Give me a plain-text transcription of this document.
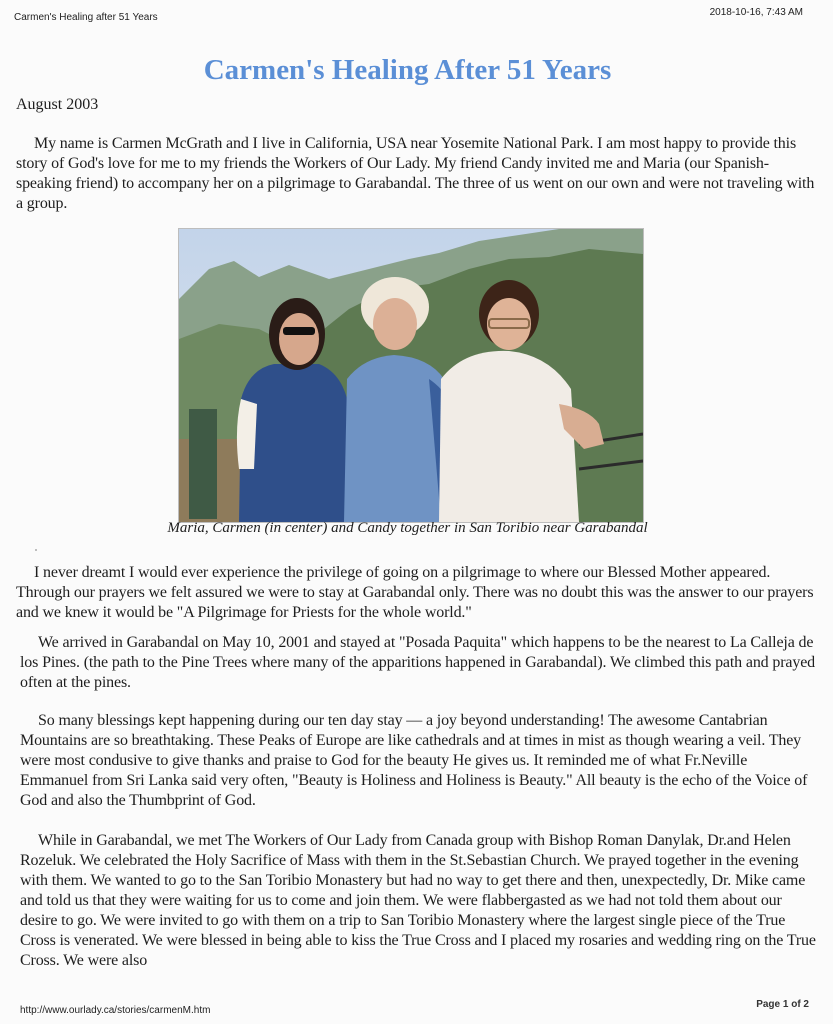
Carmen's Healing after 51 Years	2018-10-16, 7:43 AM
Carmen's Healing After 51 Years
August 2003

My name is Carmen McGrath and I live in California, USA near Yosemite National Park. I am most happy to provide this story of God's love for me to my friends the Workers of Our Lady. My friend Candy invited me and Maria (our Spanish-speaking friend) to accompany her on a pilgrimage to Garabandal. The three of us went on our own and were not traveling with a group.

Maria, Carmen (in center) and Candy together in San Toribio near Garabandal

I never dreamt I would ever experience the privilege of going on a pilgrimage to where our Blessed Mother appeared. Through our prayers we felt assured we were to stay at Garabandal only. There was no doubt this was the answer to our prayers and we knew it would be "A Pilgrimage for Priests for the whole world."

We arrived in Garabandal on May 10, 2001 and stayed at "Posada Paquita" which happens to be the nearest to La Calleja de los Pines. (the path to the Pine Trees where many of the apparitions happened in Garabandal). We climbed this path and prayed often at the pines.

So many blessings kept happening during our ten day stay — a joy beyond understanding! The awesome Cantabrian Mountains are so breathtaking. These Peaks of Europe are like cathedrals and at times in mist as though wearing a veil. They were most condusive to give thanks and praise to God for the beauty He gives us. It reminded me of what Fr.Neville Emmanuel from Sri Lanka said very often, "Beauty is Holiness and Holiness is Beauty." All beauty is the echo of the Voice of God and also the Thumbprint of God.

While in Garabandal, we met The Workers of Our Lady from Canada group with Bishop Roman Danylak, Dr.and Helen Rozeluk. We celebrated the Holy Sacrifice of Mass with them in the St.Sebastian Church. We prayed together in the evening with them. We wanted to go to the San Toribio Monastery but had no way to get there and then, unexpectedly, Dr. Mike came and told us that they were waiting for us to come and join them. We were flabbergasted as we had not told them about our desire to go. We were invited to go with them on a trip to San Toribio Monastery where the largest single piece of the True Cross is venerated. We were blessed in being able to kiss the True Cross and I placed my rosaries and wedding ring on the True Cross. We were also

http://www.ourlady.ca/stories/carmenM.htm
Page 1 of 2
